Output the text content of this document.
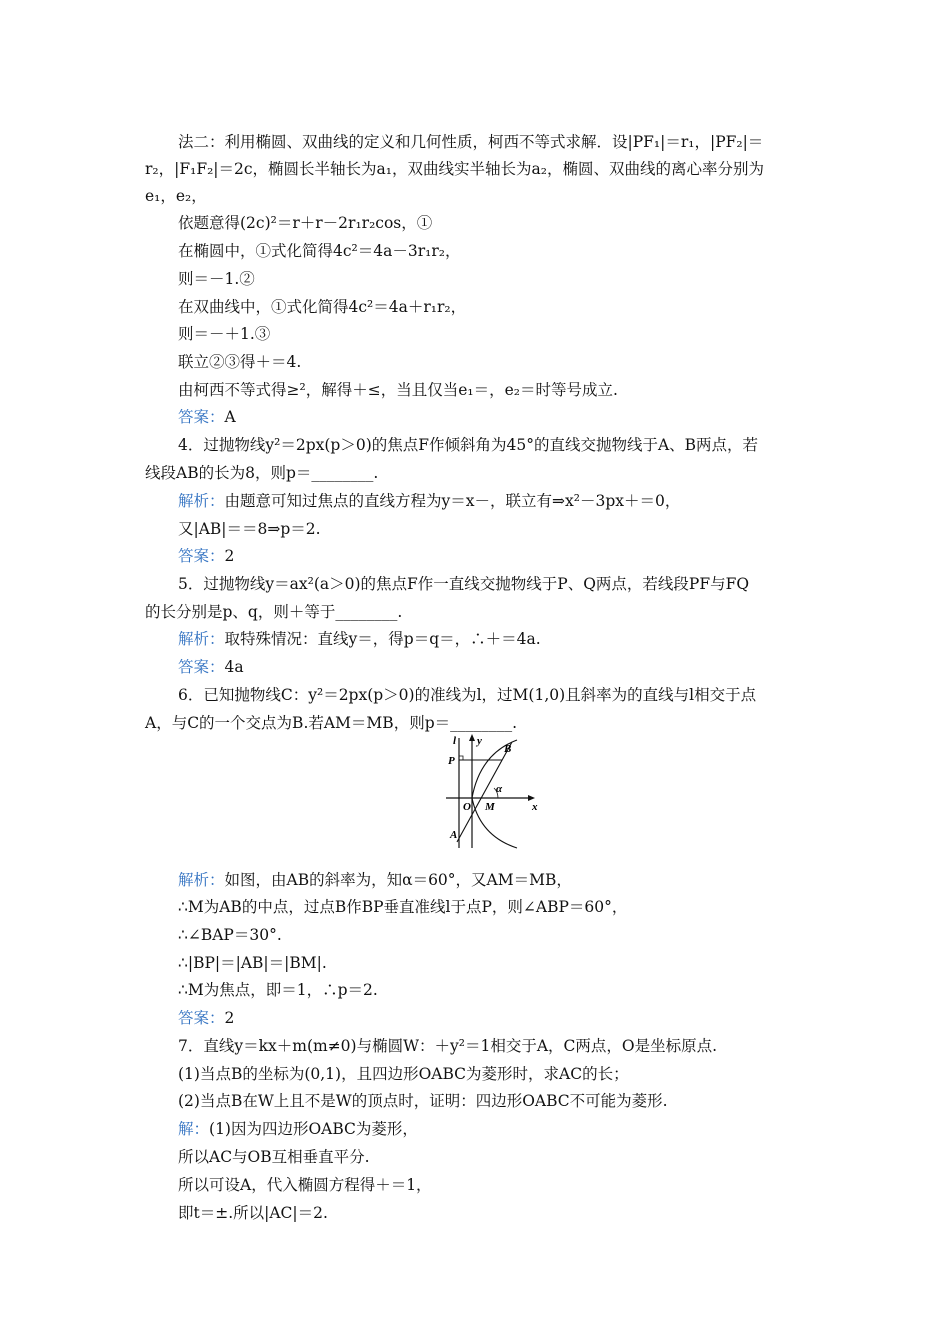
法二：利用椭圆、双曲线的定义和几何性质，柯西不等式求解．设|PF₁|＝r₁，|PF₂|＝
r₂，|F₁F₂|＝2c，椭圆长半轴长为a₁，双曲线实半轴长为a₂，椭圆、双曲线的离心率分别为
e₁，e₂，
依题意得(2c)²＝r＋r－2r₁r₂cos，①
在椭圆中，①式化简得4c²＝4a－3r₁r₂，
则＝－1.②
在双曲线中，①式化简得4c²＝4a＋r₁r₂，
则＝－＋1.③
联立②③得＋＝4.
由柯西不等式得≥²，解得＋≤，当且仅当e₁＝，e₂＝时等号成立.
答案：A
4．过抛物线y²＝2px(p＞0)的焦点F作倾斜角为45°的直线交抛物线于A、B两点，若
线段AB的长为8，则p＝________.
解析：由题意可知过焦点的直线方程为y＝x－，联立有⇒x²－3px＋＝0，
又|AB|＝＝8⇒p＝2.
答案：2
5．过抛物线y＝ax²(a＞0)的焦点F作一直线交抛物线于P、Q两点，若线段PF与FQ
的长分别是p、q，则＋等于________.
解析：取特殊情况：直线y＝，得p＝q＝，∴＋＝4a.
答案：4a
6．已知抛物线C：y²＝2px(p＞0)的准线为l，过M(1,0)且斜率为的直线与l相交于点
A，与C的一个交点为B.若AM＝MB，则p＝________.
解析：如图，由AB的斜率为，知α＝60°，又AM＝MB，
∴M为AB的中点，过点B作BP垂直准线l于点P，则∠ABP＝60°，
∴∠BAP＝30°.
∴|BP|＝|AB|＝|BM|.
∴M为焦点，即＝1，∴p＝2.
答案：2
7．直线y＝kx＋m(m≠0)与椭圆W：＋y²＝1相交于A，C两点，O是坐标原点.
(1)当点B的坐标为(0,1)，且四边形OABC为菱形时，求AC的长；
(2)当点B在W上且不是W的顶点时，证明：四边形OABC不可能为菱形.
解：(1)因为四边形OABC为菱形，
所以AC与OB互相垂直平分.
所以可设A，代入椭圆方程得＋＝1，
即t＝±.所以|AC|＝2.
l y
B
P
α
O M	x
A
